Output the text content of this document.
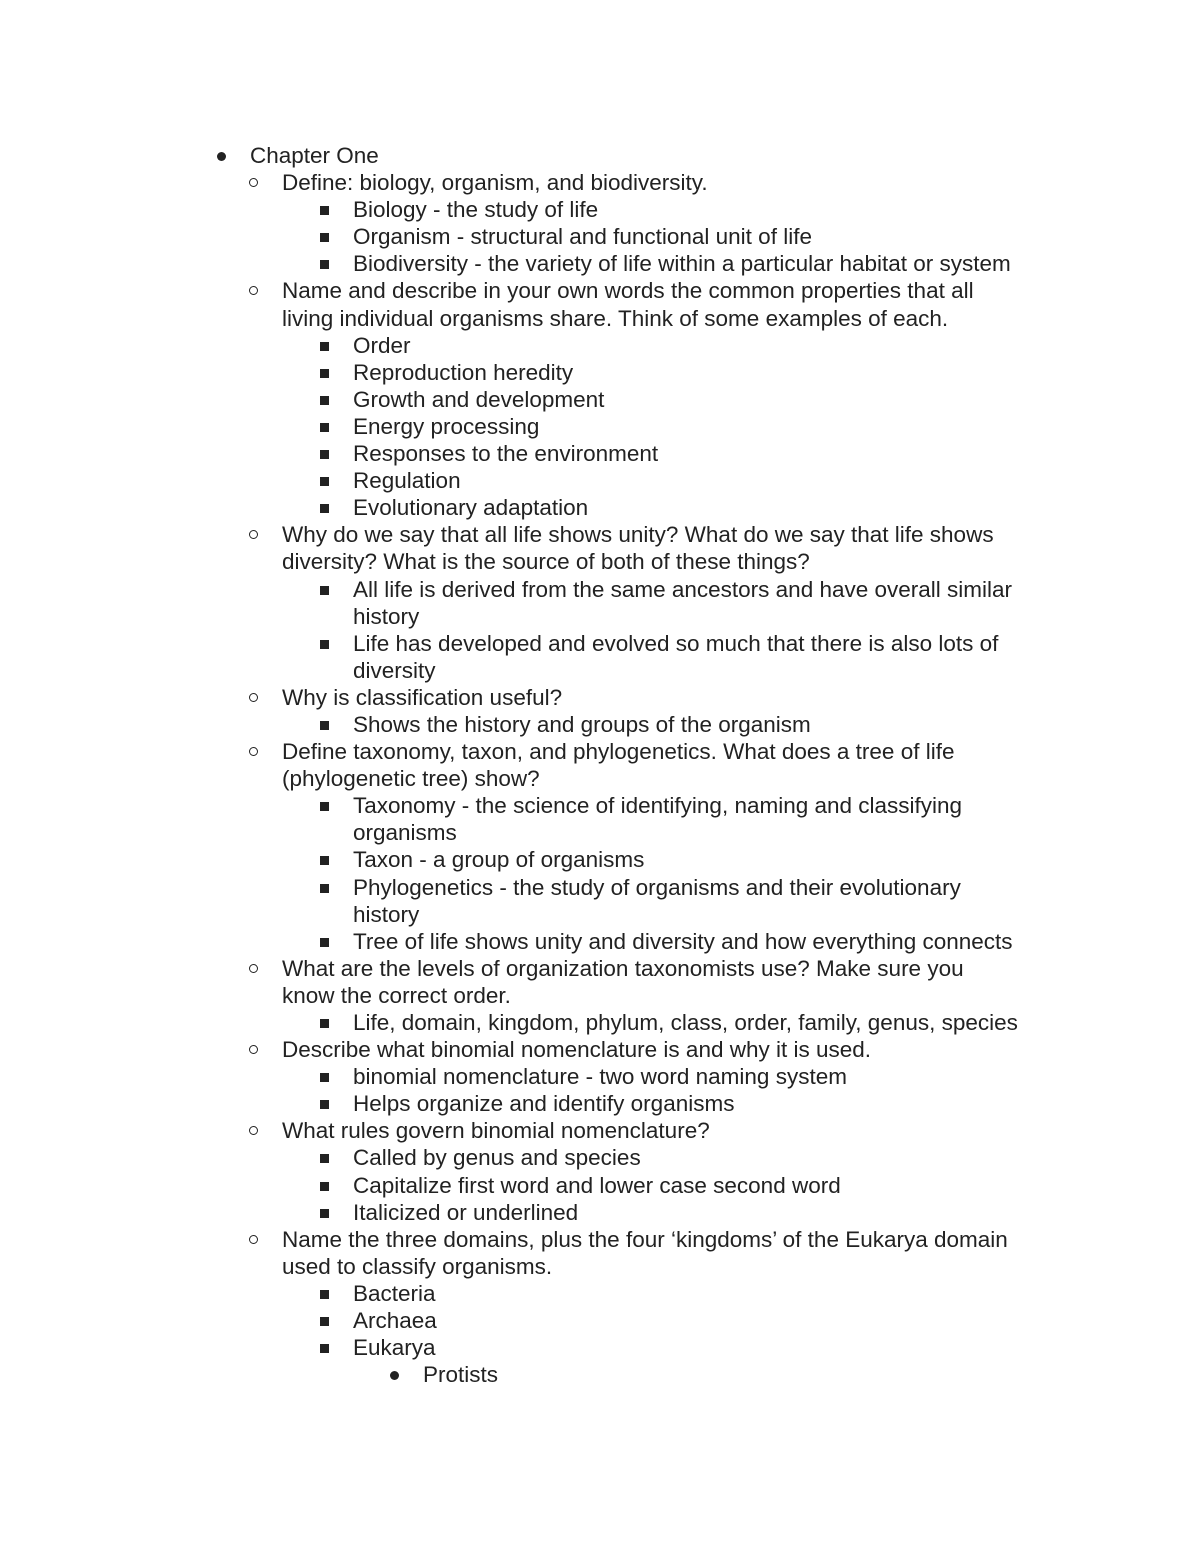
Chapter One
Define: biology, organism, and biodiversity.
Biology - the study of life
Organism - structural and functional unit of life
Biodiversity - the variety of life within a particular habitat or system
Name and describe in your own words the common properties that all
living individual organisms share. Think of some examples of each.
Order
Reproduction heredity
Growth and development
Energy processing
Responses to the environment
Regulation
Evolutionary adaptation
Why do we say that all life shows unity? What do we say that life shows
diversity? What is the source of both of these things?
All life is derived from the same ancestors and have overall similar
history
Life has developed and evolved so much that there is also lots of
diversity
Why is classification useful?
Shows the history and groups of the organism
Define taxonomy, taxon, and phylogenetics. What does a tree of life
(phylogenetic tree) show?
Taxonomy - the science of identifying, naming and classifying
organisms
Taxon - a group of organisms
Phylogenetics - the study of organisms and their evolutionary
history
Tree of life shows unity and diversity and how everything connects
What are the levels of organization taxonomists use? Make sure you
know the correct order.
Life, domain, kingdom, phylum, class, order, family, genus, species
Describe what binomial nomenclature is and why it is used.
binomial nomenclature - two word naming system
Helps organize and identify organisms
What rules govern binomial nomenclature?
Called by genus and species
Capitalize first word and lower case second word
Italicized or underlined
Name the three domains, plus the four ‘kingdoms’ of the Eukarya domain
used to classify organisms.
Bacteria
Archaea
Eukarya
Protists
